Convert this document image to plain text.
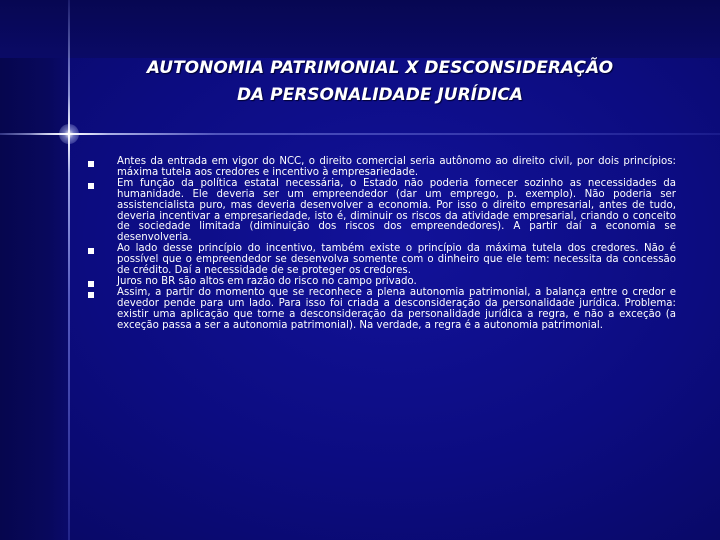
AUTONOMIA PATRIMONIAL X DESCONSIDERAÇÃO
DA PERSONALIDADE JURÍDICA
Antes da entrada em vigor do NCC, o direito comercial seria autônomo ao direito civil, por dois princípios: máxima tutela aos credores e incentivo à empresariedade.
Em função da política estatal necessária, o Estado não poderia fornecer sozinho as necessidades da humanidade. Ele deveria ser um empreendedor (dar um emprego, p. exemplo). Não poderia ser assistencialista puro, mas deveria desenvolver a economia. Por isso o direito empresarial, antes de tudo, deveria incentivar a empresariedade, isto é, diminuir os riscos da atividade empresarial, criando o conceito de sociedade limitada (diminuição dos riscos dos empreendedores). A partir daí a economia se desenvolveria.
Ao lado desse princípio do incentivo, também existe o princípio da máxima tutela dos credores. Não é possível que o empreendedor se desenvolva somente com o dinheiro que ele tem: necessita da concessão de crédito. Daí a necessidade de se proteger os credores.
Juros no BR são altos em razão do risco no campo privado.
Assim, a partir do momento que se reconhece a plena autonomia patrimonial, a balança entre o credor e devedor pende para um lado. Para isso foi criada a desconsideração da personalidade jurídica. Problema: existir uma aplicação que torne a desconsideração da personalidade jurídica a regra, e não a exceção (a exceção passa a ser a autonomia patrimonial). Na verdade, a regra é a autonomia patrimonial.
